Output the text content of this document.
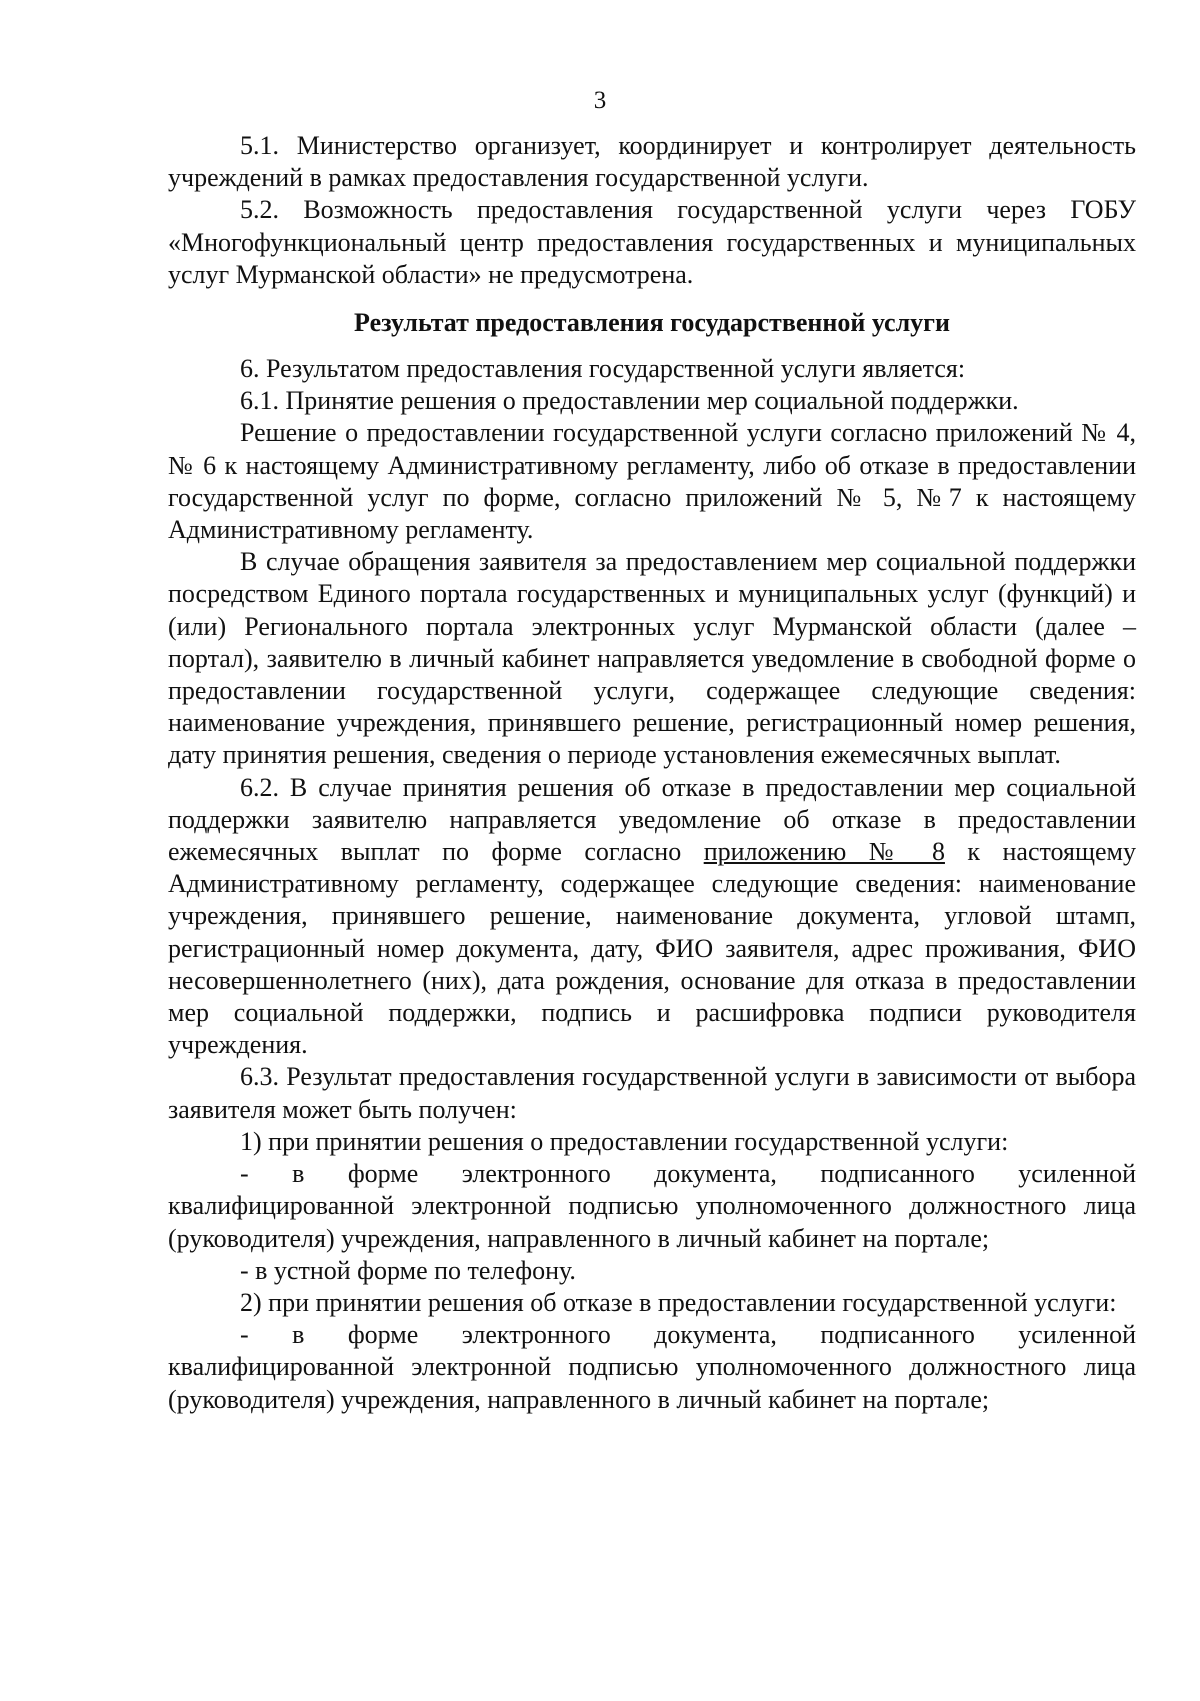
3

5.1. Министерство организует, координирует и контролирует деятельность учреждений в рамках предоставления государственной услуги.

5.2. Возможность предоставления государственной услуги через ГОБУ «Многофункциональный центр предоставления государственных и муниципальных услуг Мурманской области» не предусмотрена.

Результат предоставления государственной услуги

6. Результатом предоставления государственной услуги является:

6.1. Принятие решения о предоставлении мер социальной поддержки.

Решение о предоставлении государственной услуги согласно приложений № 4, № 6 к настоящему Административному регламенту, либо об отказе в предоставлении государственной услуг по форме, согласно приложений № 5, №7 к настоящему Административному регламенту.

В случае обращения заявителя за предоставлением мер социальной поддержки посредством Единого портала государственных и муниципальных услуг (функций) и (или) Регионального портала электронных услуг Мурманской области (далее – портал), заявителю в личный кабинет направляется уведомление в свободной форме о предоставлении государственной услуги, содержащее следующие сведения: наименование учреждения, принявшего решение, регистрационный номер решения, дату принятия решения, сведения о периоде установления ежемесячных выплат.

6.2. В случае принятия решения об отказе в предоставлении мер социальной поддержки заявителю направляется уведомление об отказе в предоставлении ежемесячных выплат по форме согласно приложению № 8 к настоящему Административному регламенту, содержащее следующие сведения: наименование учреждения, принявшего решение, наименование документа, угловой штамп, регистрационный номер документа, дату, ФИО заявителя, адрес проживания, ФИО несовершеннолетнего (них), дата рождения, основание для отказа в предоставлении мер социальной поддержки, подпись и расшифровка подписи руководителя учреждения.

6.3. Результат предоставления государственной услуги в зависимости от выбора заявителя может быть получен:

1) при принятии решения о предоставлении государственной услуги:

- в форме электронного документа, подписанного усиленной квалифицированной электронной подписью уполномоченного должностного лица (руководителя) учреждения, направленного в личный кабинет на портале;

- в устной форме по телефону.

2) при принятии решения об отказе в предоставлении государственной услуги:

- в форме электронного документа, подписанного усиленной квалифицированной электронной подписью уполномоченного должностного лица (руководителя) учреждения, направленного в личный кабинет на портале;
